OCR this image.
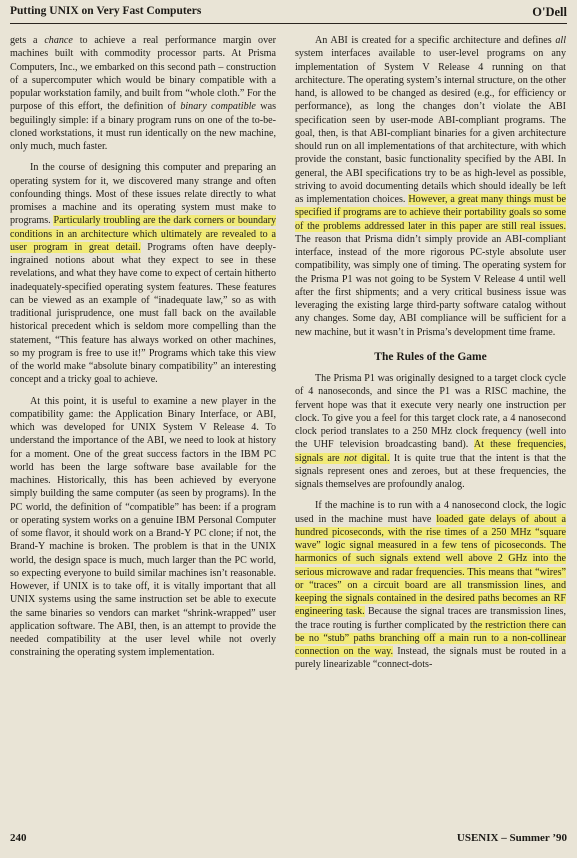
Putting UNIX on Very Fast Computers	O'Dell

gets a chance to achieve a real performance margin over machines built with commodity processor parts. At Prisma Computers, Inc., we embarked on this second path – construction of a supercomputer which would be binary compatible with a popular workstation family, and built from “whole cloth.” For the purpose of this effort, the definition of binary compatible was beguilingly simple: if a binary program runs on one of the to-be-cloned workstations, it must run identically on the new machine, only much, much faster.

In the course of designing this computer and preparing an operating system for it, we discovered many strange and often confounding things. Most of these issues relate directly to what promises a machine and its operating system must make to programs. Particularly troubling are the dark corners or boundary conditions in an architecture which ultimately are revealed to a user program in great detail. Programs often have deeply-ingrained notions about what they expect to see in these revelations, and what they have come to expect of certain hitherto inadequately-specified operating system features. These features can be viewed as an example of “inadequate law,” so as with traditional jurisprudence, one must fall back on the available historical precedent which is seldom more compelling than the statement, “This feature has always worked on other machines, so my program is free to use it!” Programs which take this view of the world make “absolute binary compatibility” an interesting concept and a tricky goal to achieve.

At this point, it is useful to examine a new player in the compatibility game: the Application Binary Interface, or ABI, which was developed for UNIX System V Release 4. To understand the importance of the ABI, we need to look at history for a moment. One of the great success factors in the IBM PC world has been the large software base available for the machines. Historically, this has been achieved by everyone simply building the same computer (as seen by programs). In the PC world, the definition of “compatible” has been: if a program or operating system works on a genuine IBM Personal Computer of some flavor, it should work on a Brand-Y PC clone; if not, the Brand-Y machine is broken. The problem is that in the UNIX world, the design space is much, much larger than the PC world, so expecting everyone to build similar machines isn’t reasonable. However, if UNIX is to take off, it is vitally important that all UNIX systems using the same instruction set be able to execute the same binaries so vendors can market “shrink-wrapped” user application software. The ABI, then, is an attempt to provide the needed compatibility at the user level while not overly constraining the operating system implementation.

An ABI is created for a specific architecture and defines all system interfaces available to user-level programs on any implementation of System V Release 4 running on that architecture. The operating system’s internal structure, on the other hand, is allowed to be changed as desired (e.g., for efficiency or performance), as long the changes don’t violate the ABI specification seen by user-mode ABI-compliant programs. The goal, then, is that ABI-compliant binaries for a given architecture should run on all implementations of that architecture, with which provide the constant, basic functionality specified by the ABI. In general, the ABI specifications try to be as high-level as possible, striving to avoid documenting details which should ideally be left as implementation choices. However, a great many things must be specified if programs are to achieve their portability goals so some of the problems addressed later in this paper are still real issues. The reason that Prisma didn’t simply provide an ABI-compliant interface, instead of the more rigorous PC-style absolute user compatibility, was simply one of timing. The operating system for the Prisma P1 was not going to be System V Release 4 until well after the first shipments; and a very critical business issue was leveraging the existing large third-party software catalog without any changes. Some day, ABI compliance will be sufficient for a new machine, but it wasn’t in Prisma’s development time frame.

The Rules of the Game

The Prisma P1 was originally designed to a target clock cycle of 4 nanoseconds, and since the P1 was a RISC machine, the fervent hope was that it execute very nearly one instruction per clock. To give you a feel for this target clock rate, a 4 nanosecond clock period translates to a 250 MHz clock frequency (well into the UHF television broadcasting band). At these frequencies, signals are not digital. It is quite true that the intent is that the signals represent ones and zeroes, but at these frequencies, the signals themselves are profoundly analog.

If the machine is to run with a 4 nanosecond clock, the logic used in the machine must have loaded gate delays of about a hundred picoseconds, with the rise times of a 250 MHz “square wave” logic signal measured in a few tens of picoseconds. The harmonics of such signals extend well above 2 GHz into the serious microwave and radar frequencies. This means that “wires” or “traces” on a circuit board are all transmission lines, and keeping the signals contained in the desired paths becomes an RF engineering task. Because the signal traces are transmission lines, the trace routing is further complicated by the restriction there can be no “stub” paths branching off a main run to a non-collinear connection on the way. Instead, the signals must be routed in a purely linearizable “connect-dots-

240	USENIX – Summer ’90
